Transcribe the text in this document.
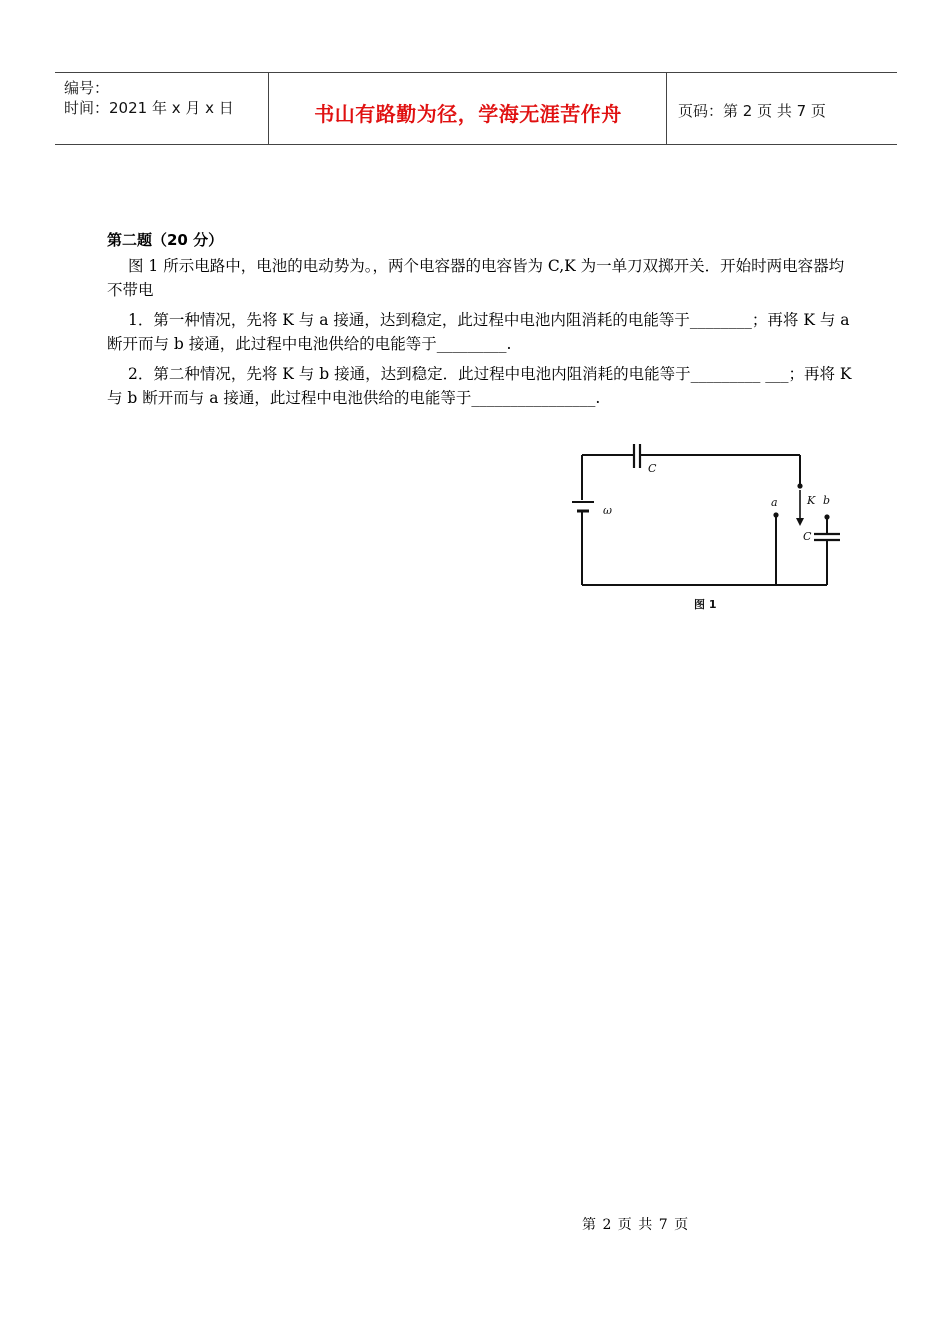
编号：
时间：2021 年 x 月 x 日	书山有路勤为径，学海无涯苦作舟	页码：第 2 页 共 7 页
第二题（20 分）
图 1 所示电路中，电池的电动势为。，两个电容器的电容皆为 C,K 为一单刀双掷开关．开始时两电容器均不带电
1．第一种情况，先将 K 与 a 接通，达到稳定，此过程中电池内阻消耗的电能等于________；再将 K 与 a 断开而与 b 接通，此过程中电池供给的电能等于_________.
2．第二种情况，先将 K 与 b 接通，达到稳定．此过程中电池内阻消耗的电能等于_________ ___；再将 K 与 b 断开而与 a 接通，此过程中电池供给的电能等于________________.
C
ω
a	K b
C
图 1
第 2 页 共 7 页
